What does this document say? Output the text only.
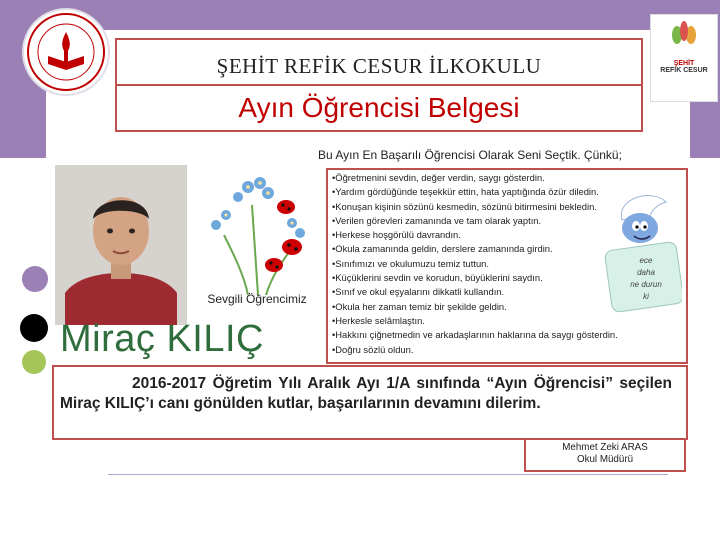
ŞEHİT
REFİK CESUR
ŞEHİT REFİK CESUR İLKOKULU
Ayın Öğrencisi Belgesi
Bu Ayın En Başarılı Öğrencisi Olarak Seni Seçtik. Çünkü;
Sevgili Öğrencimiz
Miraç KILIÇ
•Öğretmenini sevdin, değer verdin, saygı gösterdin.
•Yardım gördüğünde teşekkür ettin, hata yaptığında özür diledin.
•Konuşan kişinin sözünü kesmedin, sözünü bitirmesini bekledin.
•Verilen görevleri zamanında ve tam olarak yaptın.
•Herkese hoşgörülü davrandın.
•Okula zamanında geldin, derslere zamanında girdin.
•Sınıfımızı ve okulumuzu temiz tuttun.
•Küçüklerini sevdin ve korudun, büyüklerini saydın.
•Sınıf ve okul eşyalarını dikkatli kullandın.
•Okula her zaman temiz bir şekilde geldin.
•Herkesle selâmlaştın.
•Hakkını çiğnetmedin ve arkadaşlarının haklarına da saygı gösterdin.
•Doğru sözlü oldun.
ece
daha
ne durun
ki
2016-2017 Öğretim Yılı Aralık Ayı 1/A sınıfında “Ayın Öğrencisi” seçilen Miraç KILIÇ’ı canı gönülden kutlar, başarılarının devamını dilerim.
Mehmet Zeki ARAS
Okul Müdürü
